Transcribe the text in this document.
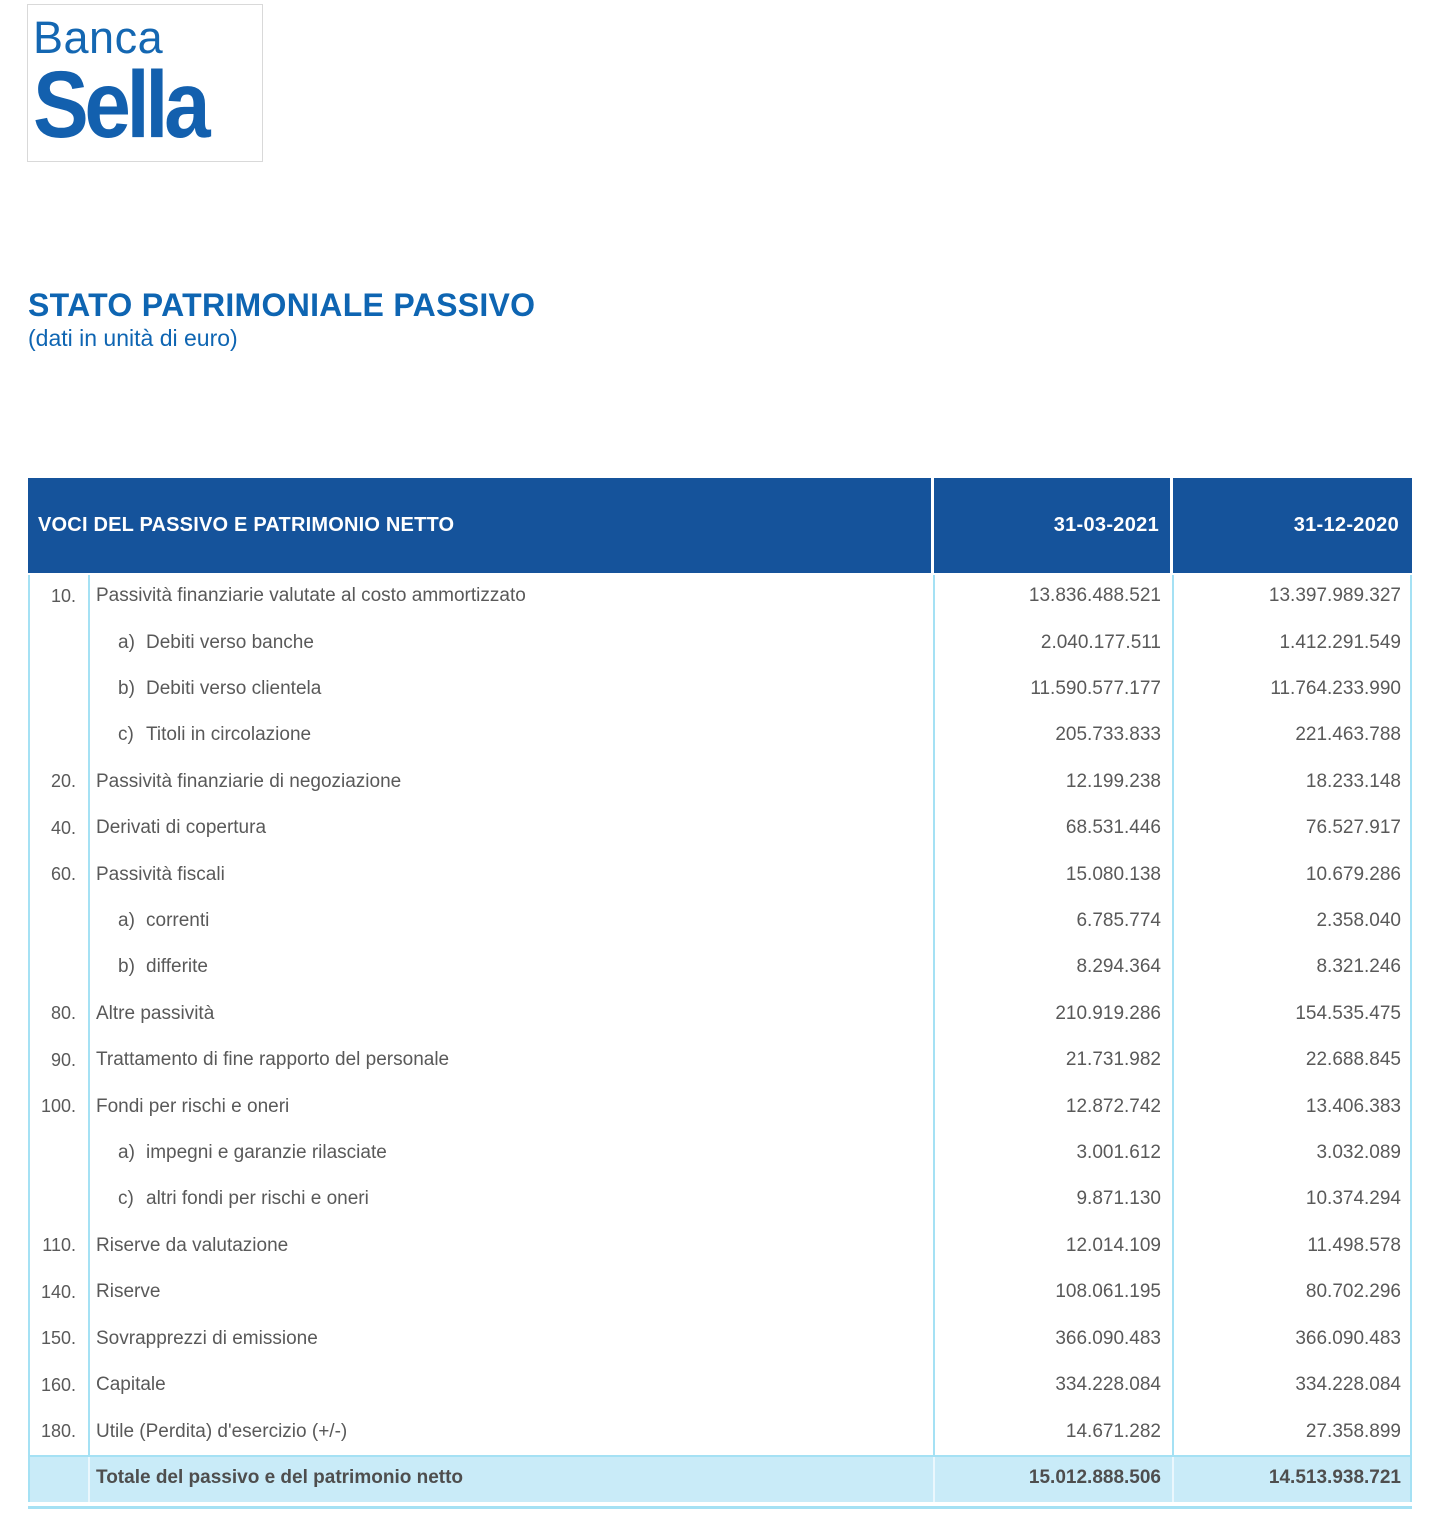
Banca
Sella
STATO PATRIMONIALE PASSIVO
(dati in unità di euro)
VOCI DEL PASSIVO E PATRIMONIO NETTO	31-03-2021	31-12-2020
10.	Passività finanziarie valutate al costo ammortizzato	13.836.488.521	13.397.989.327
a) Debiti verso banche	2.040.177.511	1.412.291.549
b) Debiti verso clientela	11.590.577.177	11.764.233.990
c) Titoli in circolazione	205.733.833	221.463.788
20.	Passività finanziarie di negoziazione	12.199.238	18.233.148
40.	Derivati di copertura	68.531.446	76.527.917
60.	Passività fiscali	15.080.138	10.679.286
a) correnti	6.785.774	2.358.040
b) differite	8.294.364	8.321.246
80.	Altre passività	210.919.286	154.535.475
90.	Trattamento di fine rapporto del personale	21.731.982	22.688.845
100.	Fondi per rischi e oneri	12.872.742	13.406.383
a) impegni e garanzie rilasciate	3.001.612	3.032.089
c) altri fondi per rischi e oneri	9.871.130	10.374.294
110.	Riserve da valutazione	12.014.109	11.498.578
140.	Riserve	108.061.195	80.702.296
150.	Sovrapprezzi di emissione	366.090.483	366.090.483
160.	Capitale	334.228.084	334.228.084
180.	Utile (Perdita) d'esercizio (+/-)	14.671.282	27.358.899
Totale del passivo e del patrimonio netto	15.012.888.506	14.513.938.721
